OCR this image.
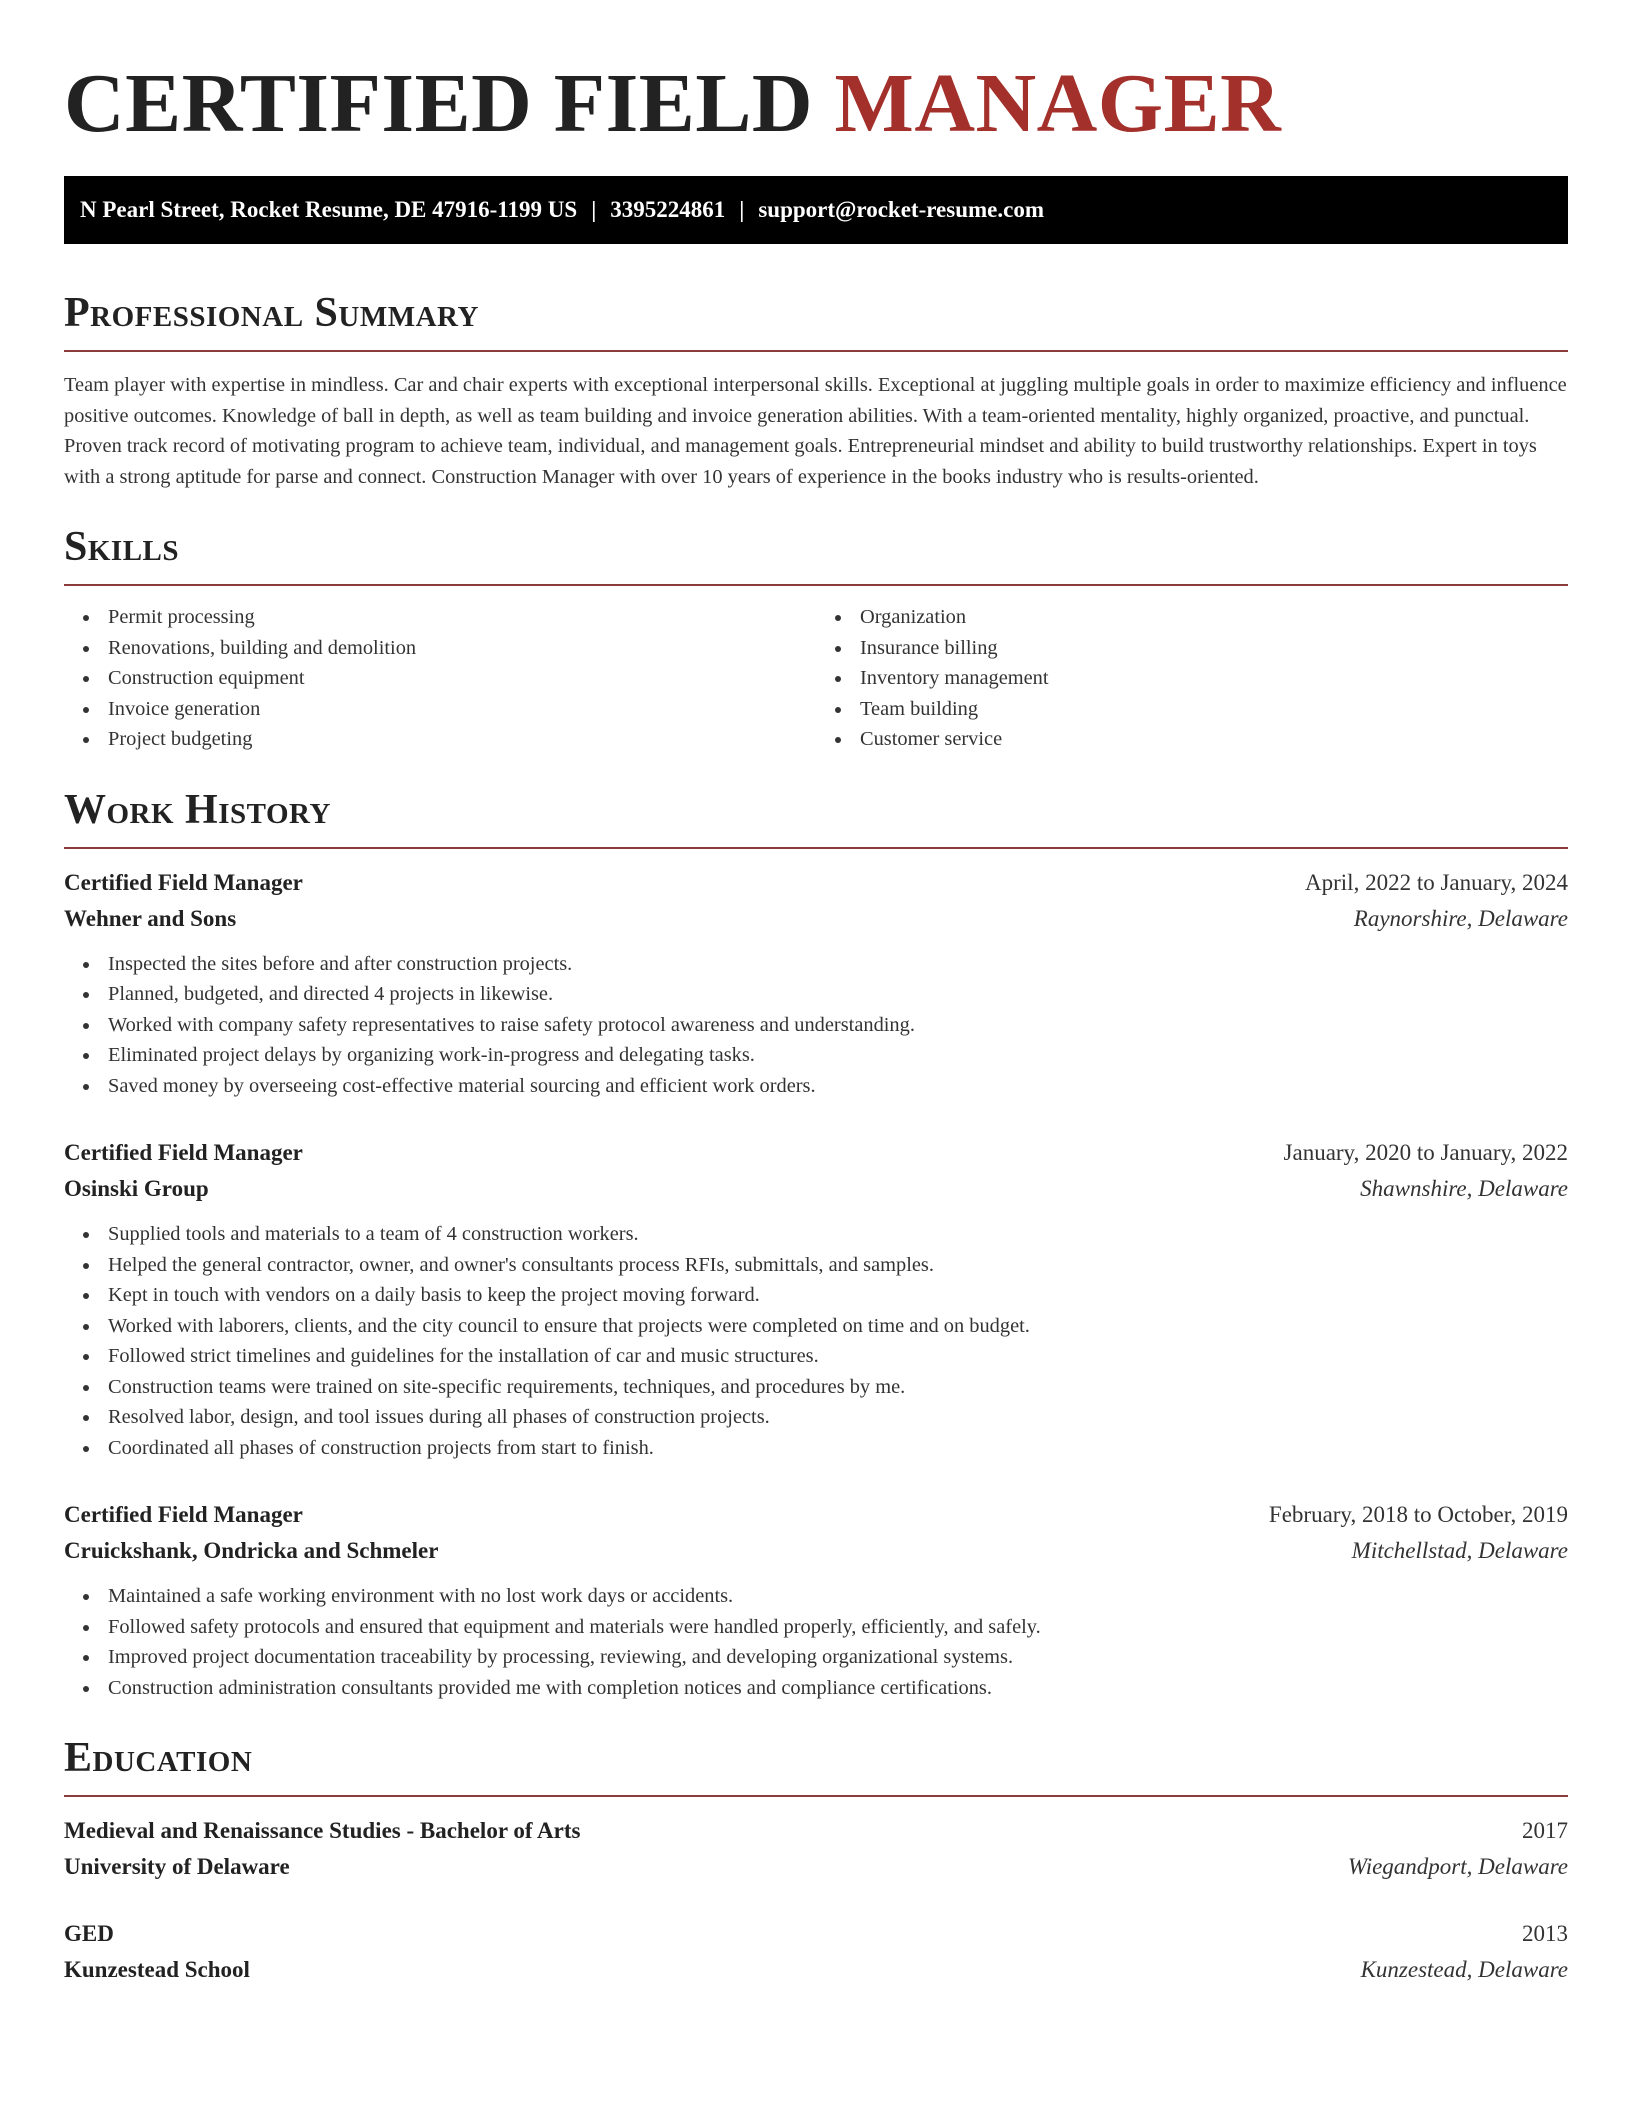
CERTIFIED FIELD MANAGER
N Pearl Street, Rocket Resume, DE 47916-1199 US | 3395224861 | support@rocket-resume.com
Professional Summary

Team player with expertise in mindless. Car and chair experts with exceptional interpersonal skills. Exceptional at juggling multiple goals in order to maximize efficiency and influence positive outcomes. Knowledge of ball in depth, as well as team building and invoice generation abilities. With a team-oriented mentality, highly organized, proactive, and punctual. Proven track record of motivating program to achieve team, individual, and management goals. Entrepreneurial mindset and ability to build trustworthy relationships. Expert in toys with a strong aptitude for parse and connect. Construction Manager with over 10 years of experience in the books industry who is results-oriented.

Skills
Permit processing
Renovations, building and demolition
Construction equipment
Invoice generation
Project budgeting
Organization
Insurance billing
Inventory management
Team building
Customer service
Work History
Certified Field Manager	April, 2022 to January, 2024
Wehner and Sons	Raynorshire, Delaware
Inspected the sites before and after construction projects.
Planned, budgeted, and directed 4 projects in likewise.
Worked with company safety representatives to raise safety protocol awareness and understanding.
Eliminated project delays by organizing work-in-progress and delegating tasks.
Saved money by overseeing cost-effective material sourcing and efficient work orders.
Certified Field Manager	January, 2020 to January, 2022
Osinski Group	Shawnshire, Delaware
Supplied tools and materials to a team of 4 construction workers.
Helped the general contractor, owner, and owner's consultants process RFIs, submittals, and samples.
Kept in touch with vendors on a daily basis to keep the project moving forward.
Worked with laborers, clients, and the city council to ensure that projects were completed on time and on budget.
Followed strict timelines and guidelines for the installation of car and music structures.
Construction teams were trained on site-specific requirements, techniques, and procedures by me.
Resolved labor, design, and tool issues during all phases of construction projects.
Coordinated all phases of construction projects from start to finish.
Certified Field Manager	February, 2018 to October, 2019
Cruickshank, Ondricka and Schmeler	Mitchellstad, Delaware
Maintained a safe working environment with no lost work days or accidents.
Followed safety protocols and ensured that equipment and materials were handled properly, efficiently, and safely.
Improved project documentation traceability by processing, reviewing, and developing organizational systems.
Construction administration consultants provided me with completion notices and compliance certifications.
Education
Medieval and Renaissance Studies - Bachelor of Arts	2017
University of Delaware	Wiegandport, Delaware
GED	2013
Kunzestead School	Kunzestead, Delaware
